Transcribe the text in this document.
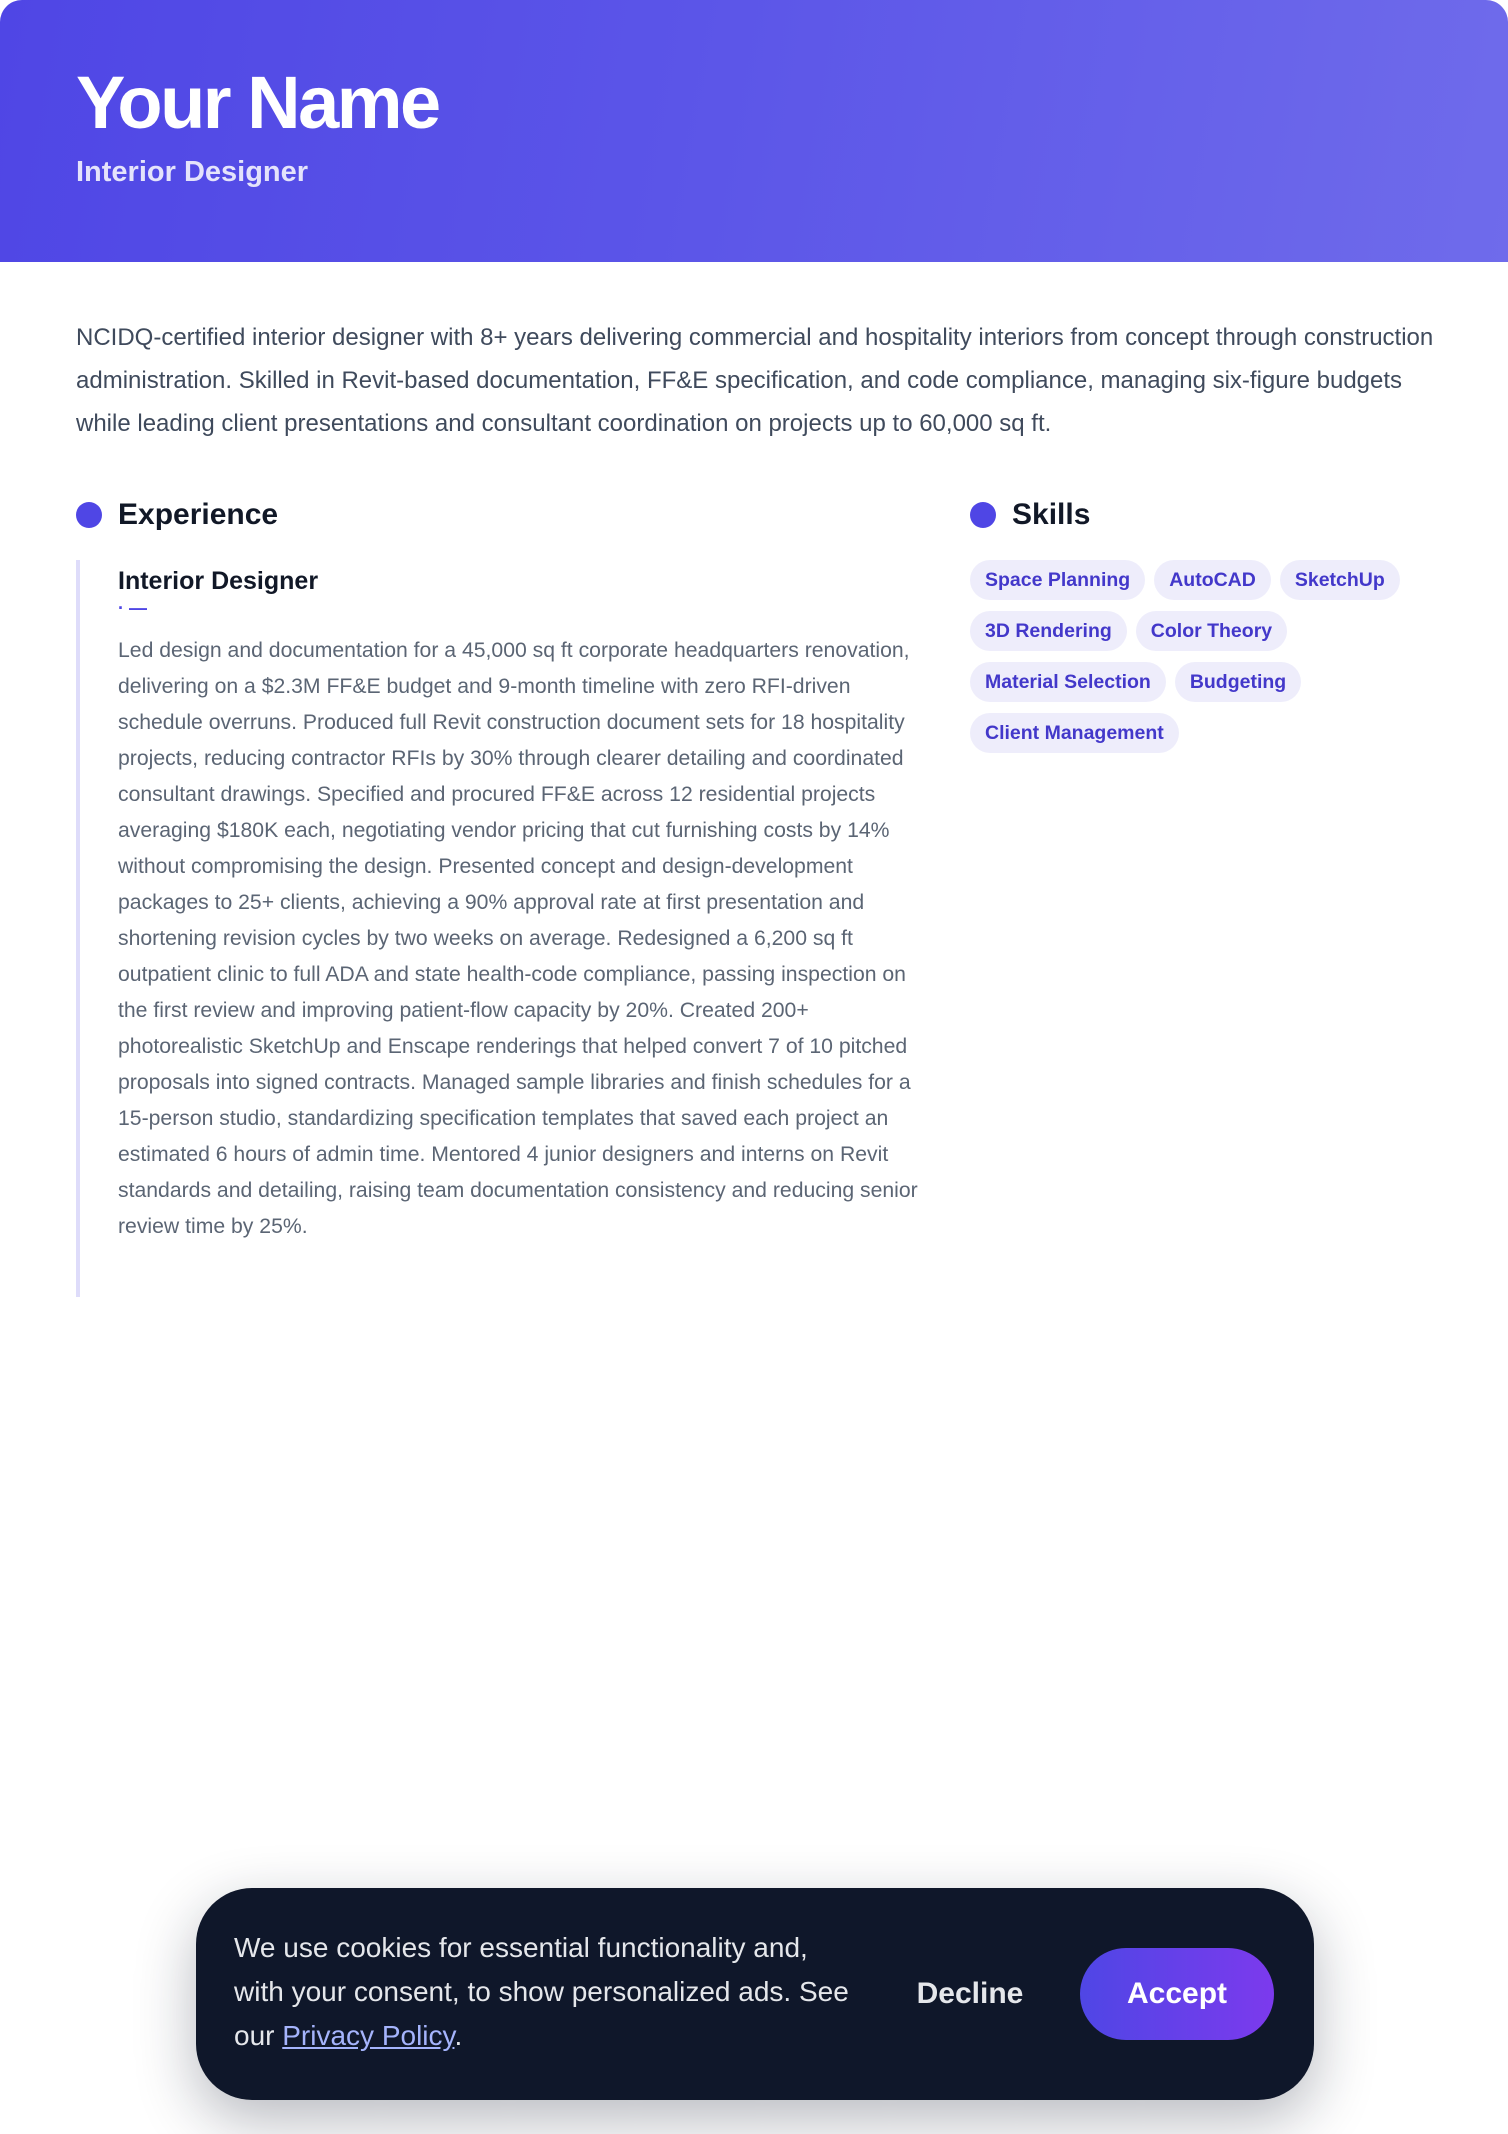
Your Name
Interior Designer

NCIDQ-certified interior designer with 8+ years delivering commercial and hospitality interiors from concept through construction administration. Skilled in Revit-based documentation, FF&E specification, and code compliance, managing six-figure budgets while leading client presentations and consultant coordination on projects up to 60,000 sq ft.

Experience
Interior Designer
· —

Led design and documentation for a 45,000 sq ft corporate headquarters renovation, delivering on a $2.3M FF&E budget and 9-month timeline with zero RFI-driven schedule overruns. Produced full Revit construction document sets for 18 hospitality projects, reducing contractor RFIs by 30% through clearer detailing and coordinated consultant drawings. Specified and procured FF&E across 12 residential projects averaging $180K each, negotiating vendor pricing that cut furnishing costs by 14% without compromising the design. Presented concept and design-development packages to 25+ clients, achieving a 90% approval rate at first presentation and shortening revision cycles by two weeks on average. Redesigned a 6,200 sq ft outpatient clinic to full ADA and state health-code compliance, passing inspection on the first review and improving patient-flow capacity by 20%. Created 200+ photorealistic SketchUp and Enscape renderings that helped convert 7 of 10 pitched proposals into signed contracts. Managed sample libraries and finish schedules for a 15-person studio, standardizing specification templates that saved each project an estimated 6 hours of admin time. Mentored 4 junior designers and interns on Revit standards and detailing, raising team documentation consistency and reducing senior review time by 25%.

Skills
Space Planning	AutoCAD	SketchUp
3D Rendering	Color Theory
Material Selection	Budgeting
Client Management

We use cookies for essential functionality and, with your consent, to show personalized ads. See our Privacy Policy.

Decline	Accept
